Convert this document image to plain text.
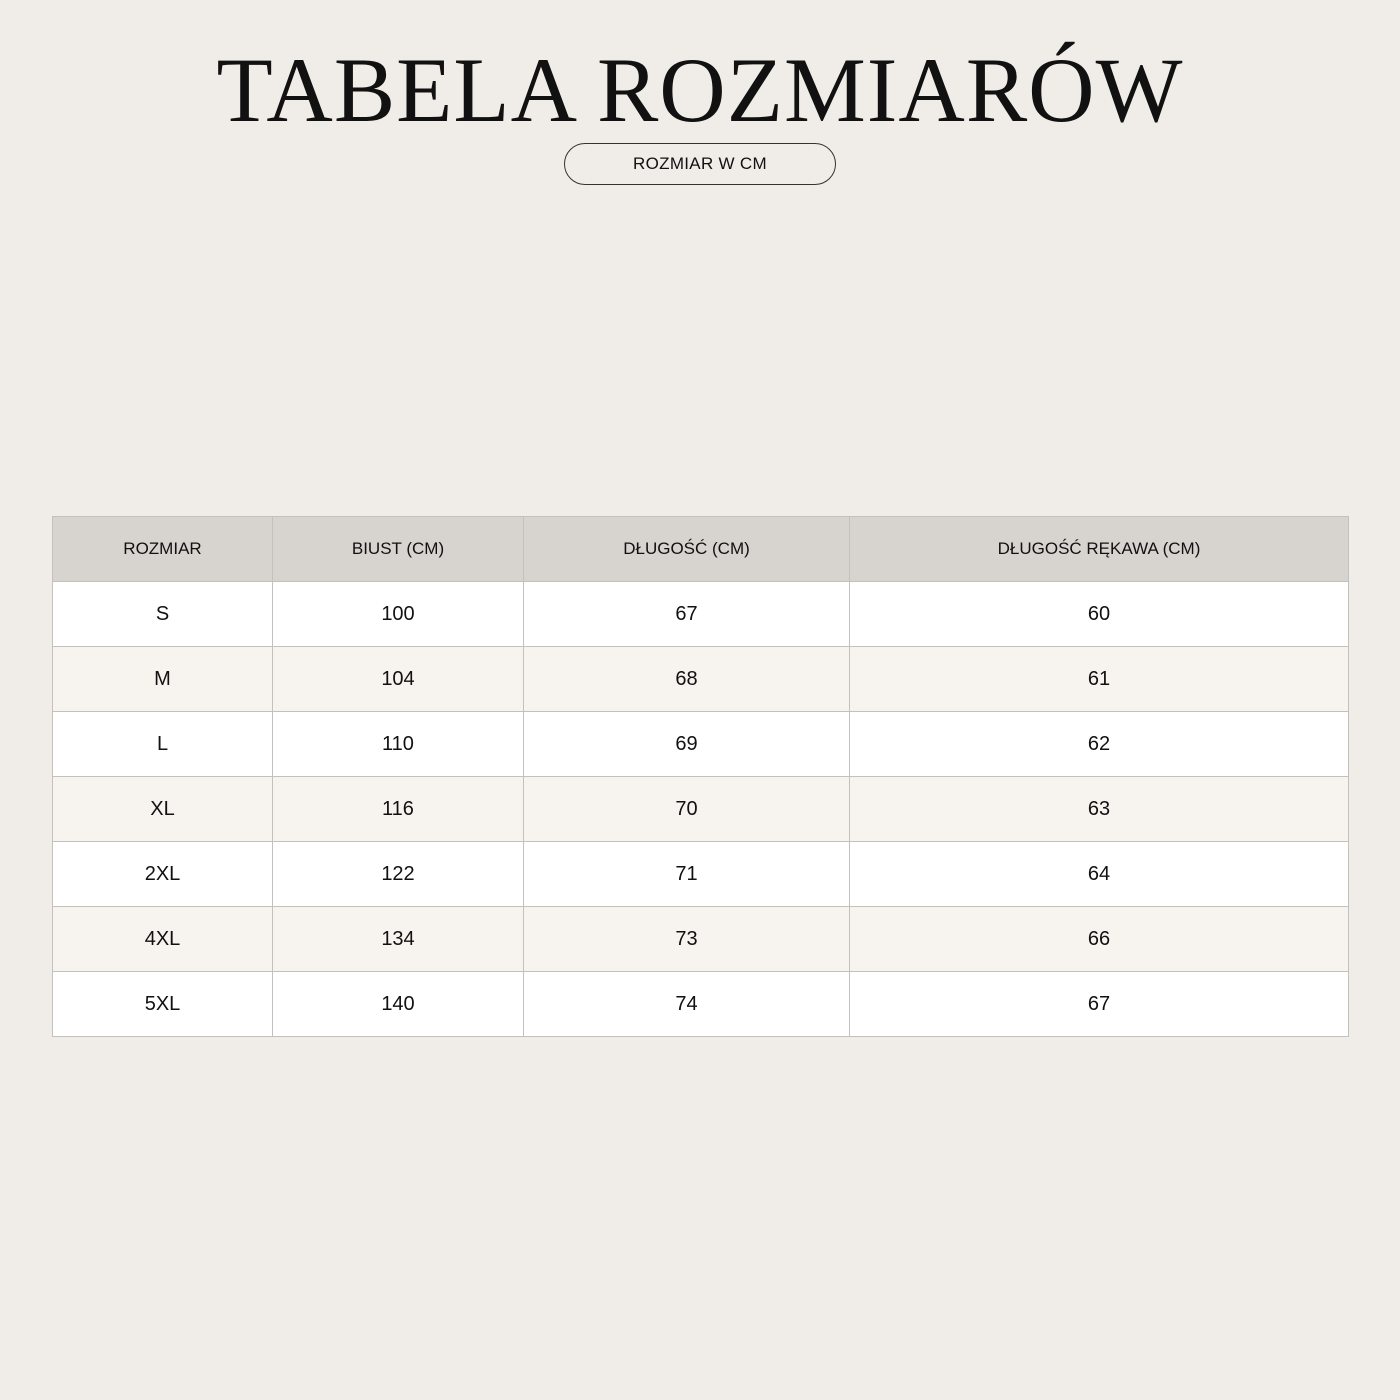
TABELA ROZMIARÓW
ROZMIAR W CM
ROZMIAR	BIUST (CM)	DŁUGOŚĆ (CM)	DŁUGOŚĆ RĘKAWA (CM)
S	100	67	60
M	104	68	61
L	110	69	62
XL	116	70	63
2XL	122	71	64
4XL	134	73	66
5XL	140	74	67
